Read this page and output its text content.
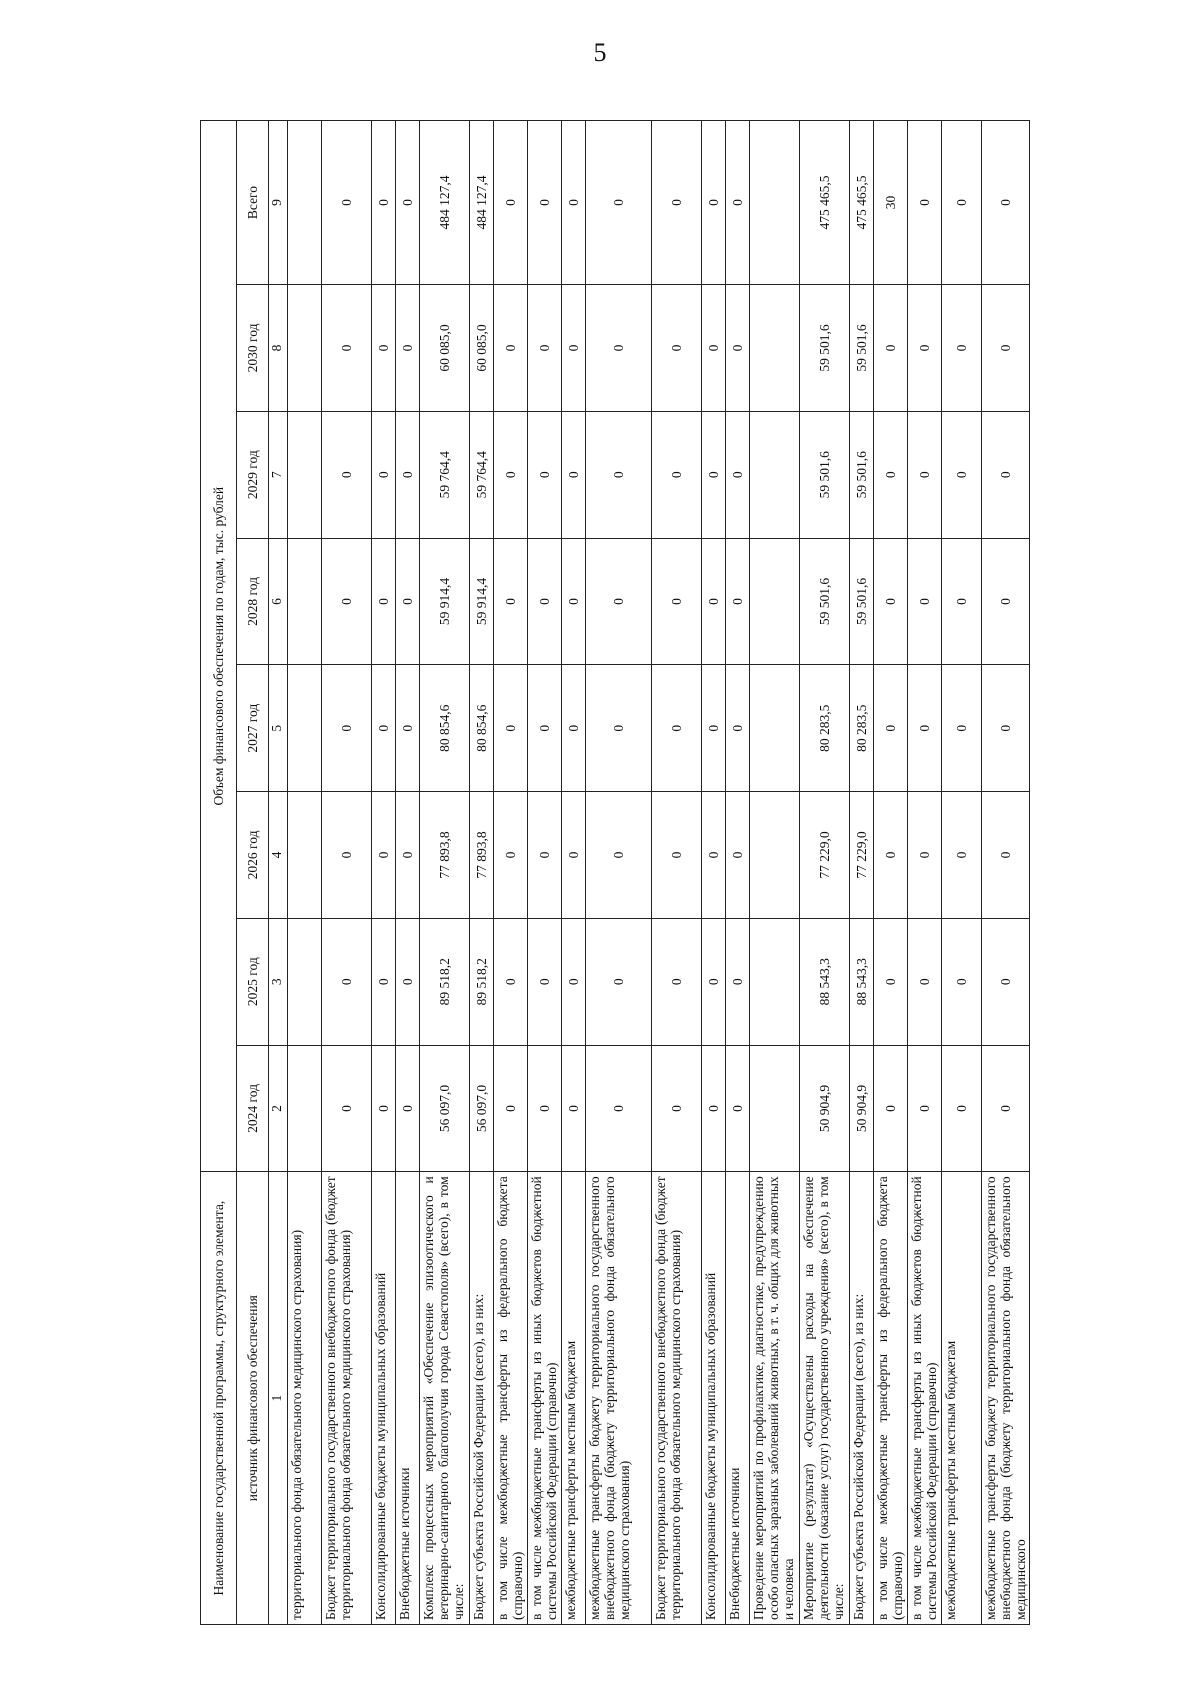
5
Наименование государственной программы, структурного элемента,	Объем финансового обеспечения по годам, тыс. рублей							
источник финансового обеспечения	2024 год	2025 год	2026 год	2027 год	2028 год	2029 год	2030 год	Всего
1	2	3	4	5	6	7	8	9
территориального фонда обязательного медицинского страхования)								
Бюджет территориального государственного внебюджетного фонда (бюджет территориального фонда обязательного медицинского страхования)	0	0	0	0	0	0	0	0
Консолидированные бюджеты муниципальных образований	0	0	0	0	0	0	0	0
Внебюджетные источники	0	0	0	0	0	0	0	0
Комплекс процессных мероприятий «Обеспечение эпизоотического и ветеринарно-санитарного благополучия города Севастополя» (всего), в том числе:	56 097,0	89 518,2	77 893,8	80 854,6	59 914,4	59 764,4	60 085,0	484 127,4
Бюджет субъекта Российской Федерации (всего), из них:	56 097,0	89 518,2	77 893,8	80 854,6	59 914,4	59 764,4	60 085,0	484 127,4
в том числе межбюджетные трансферты из федерального бюджета (справочно)	0	0	0	0	0	0	0	0
в том числе межбюджетные трансферты из иных бюджетов бюджетной системы Российской Федерации (справочно)	0	0	0	0	0	0	0	0
межбюджетные трансферты местным бюджетам	0	0	0	0	0	0	0	0
межбюджетные трансферты бюджету территориального государственного внебюджетного фонда (бюджету территориального фонда обязательного медицинского страхования)	0	0	0	0	0	0	0	0
Бюджет территориального государственного внебюджетного фонда (бюджет территориального фонда обязательного медицинского страхования)	0	0	0	0	0	0	0	0
Консолидированные бюджеты муниципальных образований	0	0	0	0	0	0	0	0
Внебюджетные источники	0	0	0	0	0	0	0	0
Проведение мероприятий по профилактике, диагностике, предупреждению особо опасных заразных заболеваний животных, в т. ч. общих для животных и человека								
Мероприятие (результат) «Осуществлены расходы на обеспечение деятельности (оказание услуг) государственного учреждения» (всего), в том числе:	50 904,9	88 543,3	77 229,0	80 283,5	59 501,6	59 501,6	59 501,6	475 465,5
Бюджет субъекта Российской Федерации (всего), из них:	50 904,9	88 543,3	77 229,0	80 283,5	59 501,6	59 501,6	59 501,6	475 465,5
в том числе межбюджетные трансферты из федерального бюджета (справочно)	0	0	0	0	0	0	0	30
в том числе межбюджетные трансферты из иных бюджетов бюджетной системы Российской Федерации (справочно)	0	0	0	0	0	0	0	0
межбюджетные трансферты местным бюджетам	0	0	0	0	0	0	0	0
межбюджетные трансферты бюджету территориального государственного внебюджетного фонда (бюджету территориального фонда обязательного медицинского	0	0	0	0	0	0	0	0
